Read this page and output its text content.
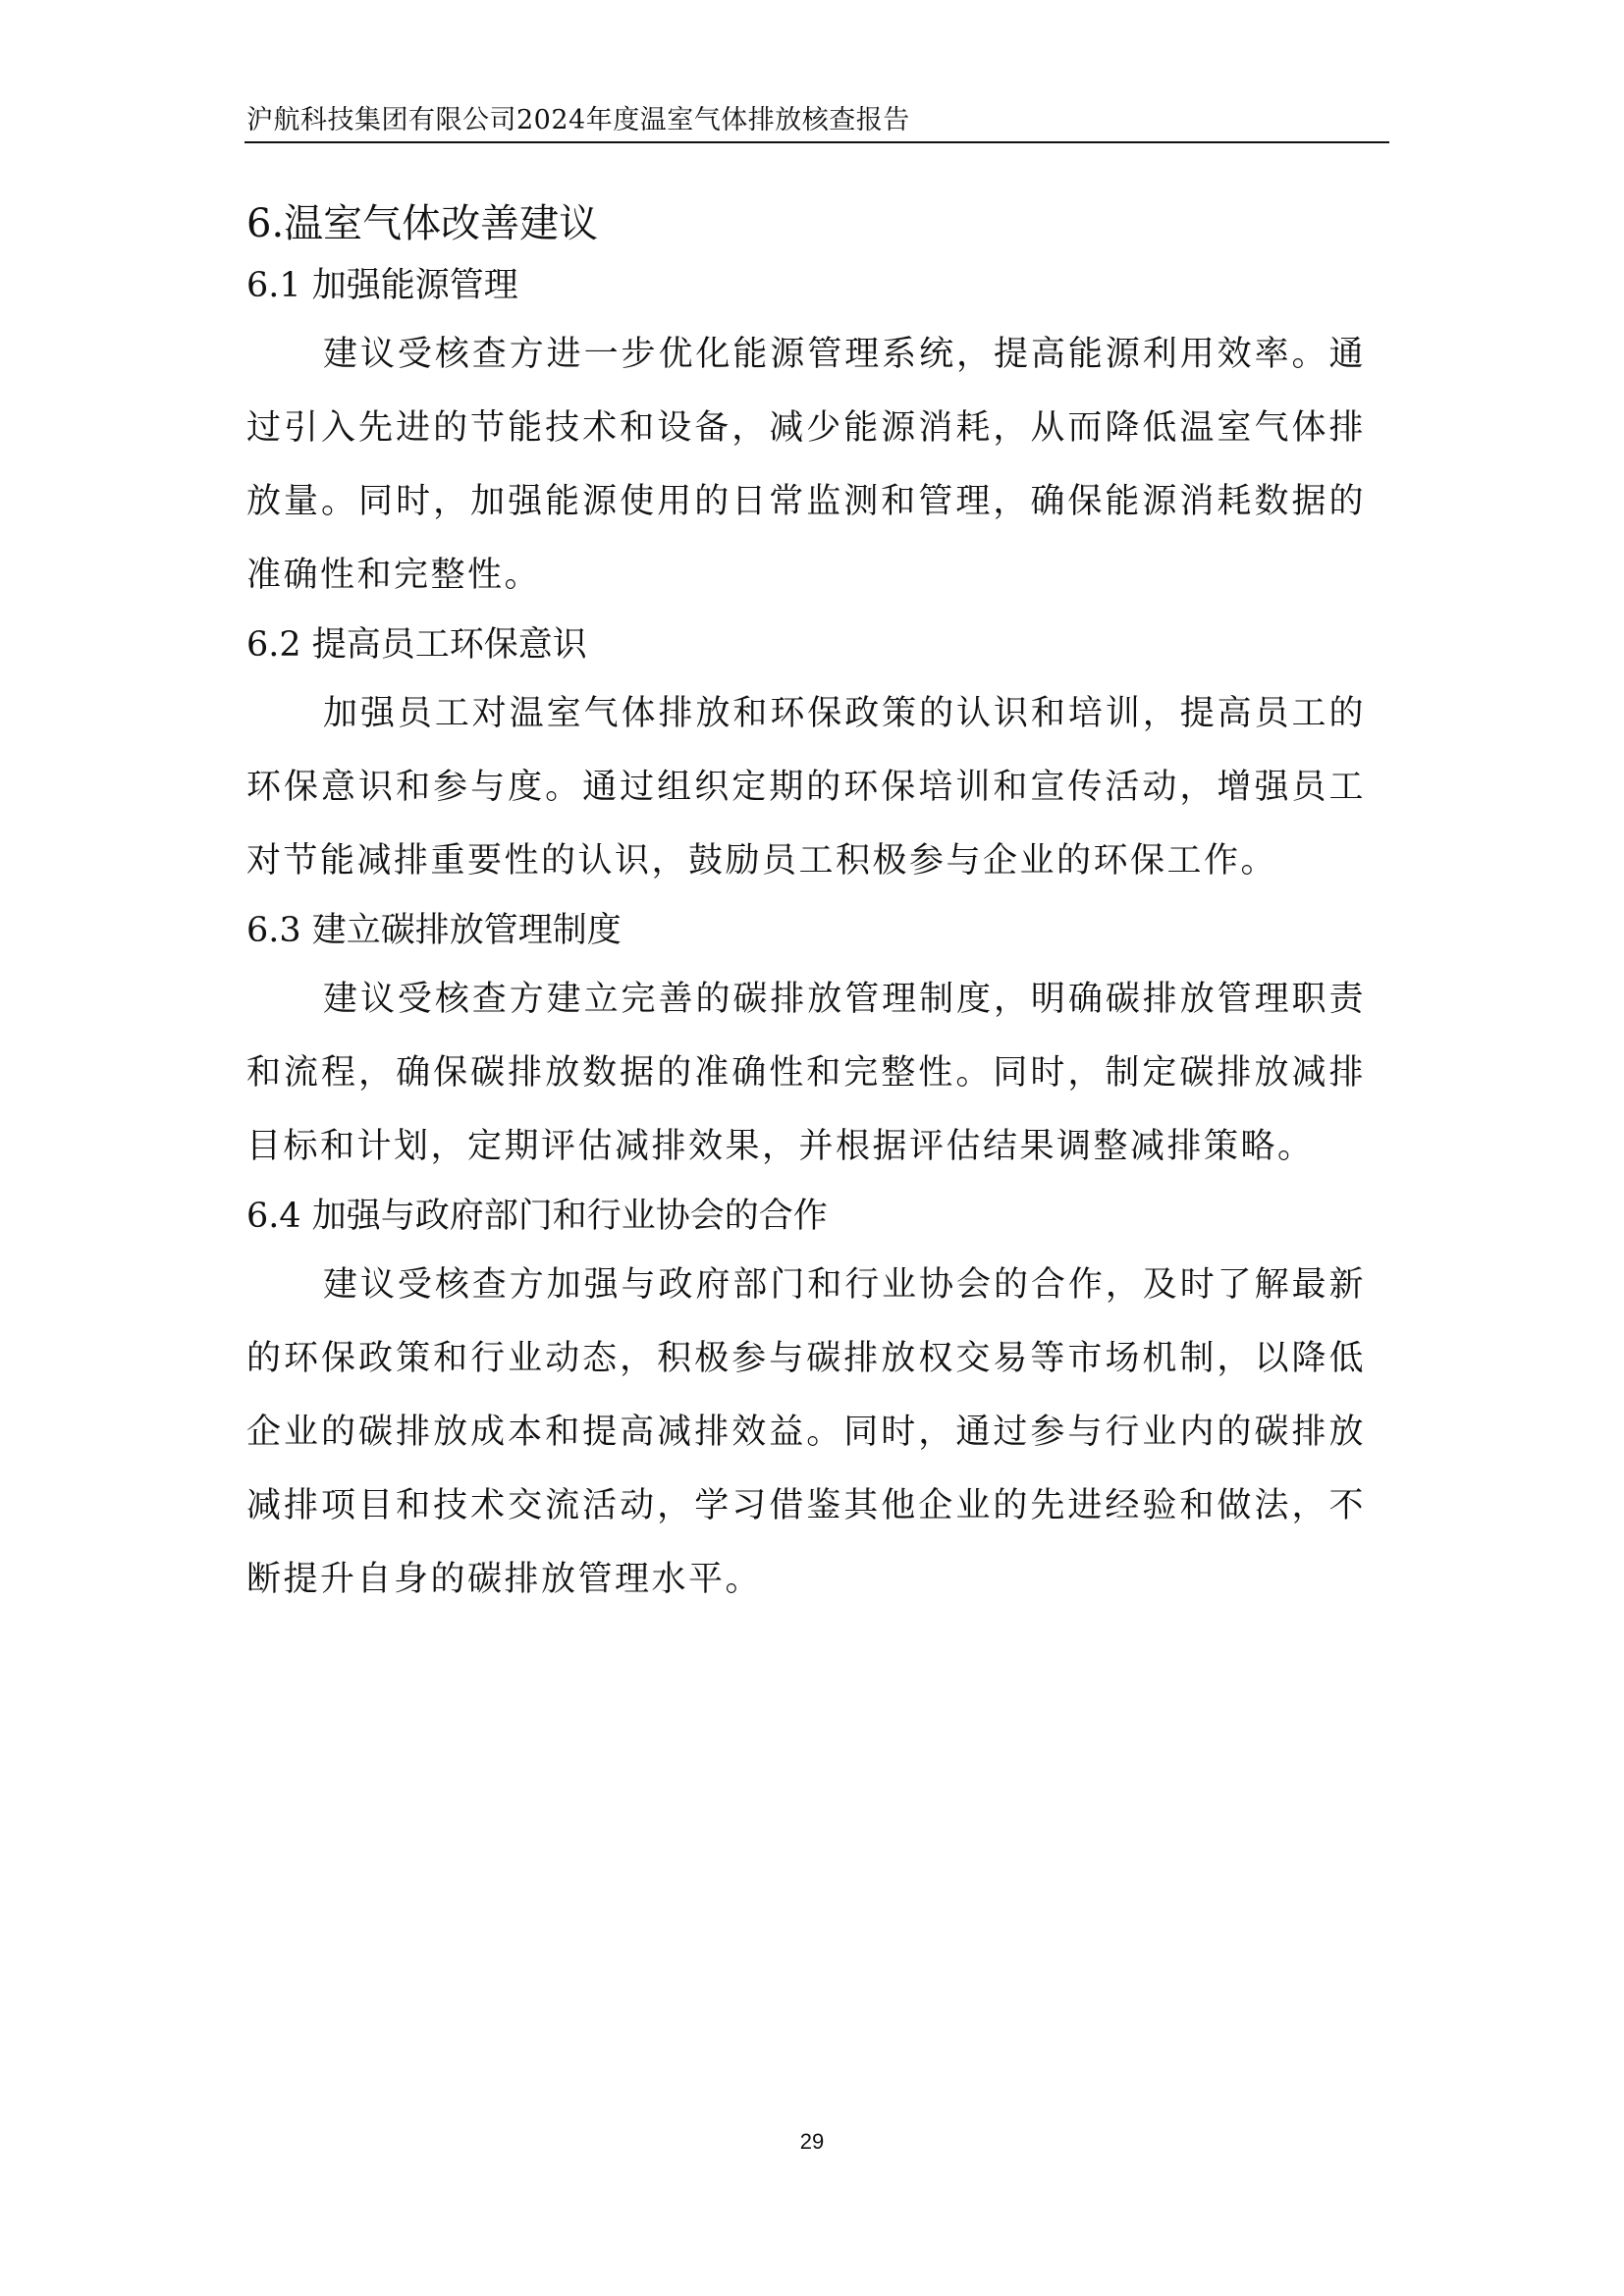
沪航科技集团有限公司2024年度温室气体排放核查报告
6.温室气体改善建议
6.1 加强能源管理

建议受核查方进一步优化能源管理系统，提高能源利用效率。通过引入先进的节能技术和设备，减少能源消耗，从而降低温室气体排放量。同时，加强能源使用的日常监测和管理，确保能源消耗数据的准确性和完整性。

6.2 提高员工环保意识

加强员工对温室气体排放和环保政策的认识和培训，提高员工的环保意识和参与度。通过组织定期的环保培训和宣传活动，增强员工对节能减排重要性的认识，鼓励员工积极参与企业的环保工作。

6.3 建立碳排放管理制度

建议受核查方建立完善的碳排放管理制度，明确碳排放管理职责和流程，确保碳排放数据的准确性和完整性。同时，制定碳排放减排目标和计划，定期评估减排效果，并根据评估结果调整减排策略。

6.4 加强与政府部门和行业协会的合作

建议受核查方加强与政府部门和行业协会的合作，及时了解最新的环保政策和行业动态，积极参与碳排放权交易等市场机制，以降低企业的碳排放成本和提高减排效益。同时，通过参与行业内的碳排放减排项目和技术交流活动，学习借鉴其他企业的先进经验和做法，不断提升自身的碳排放管理水平。

29
